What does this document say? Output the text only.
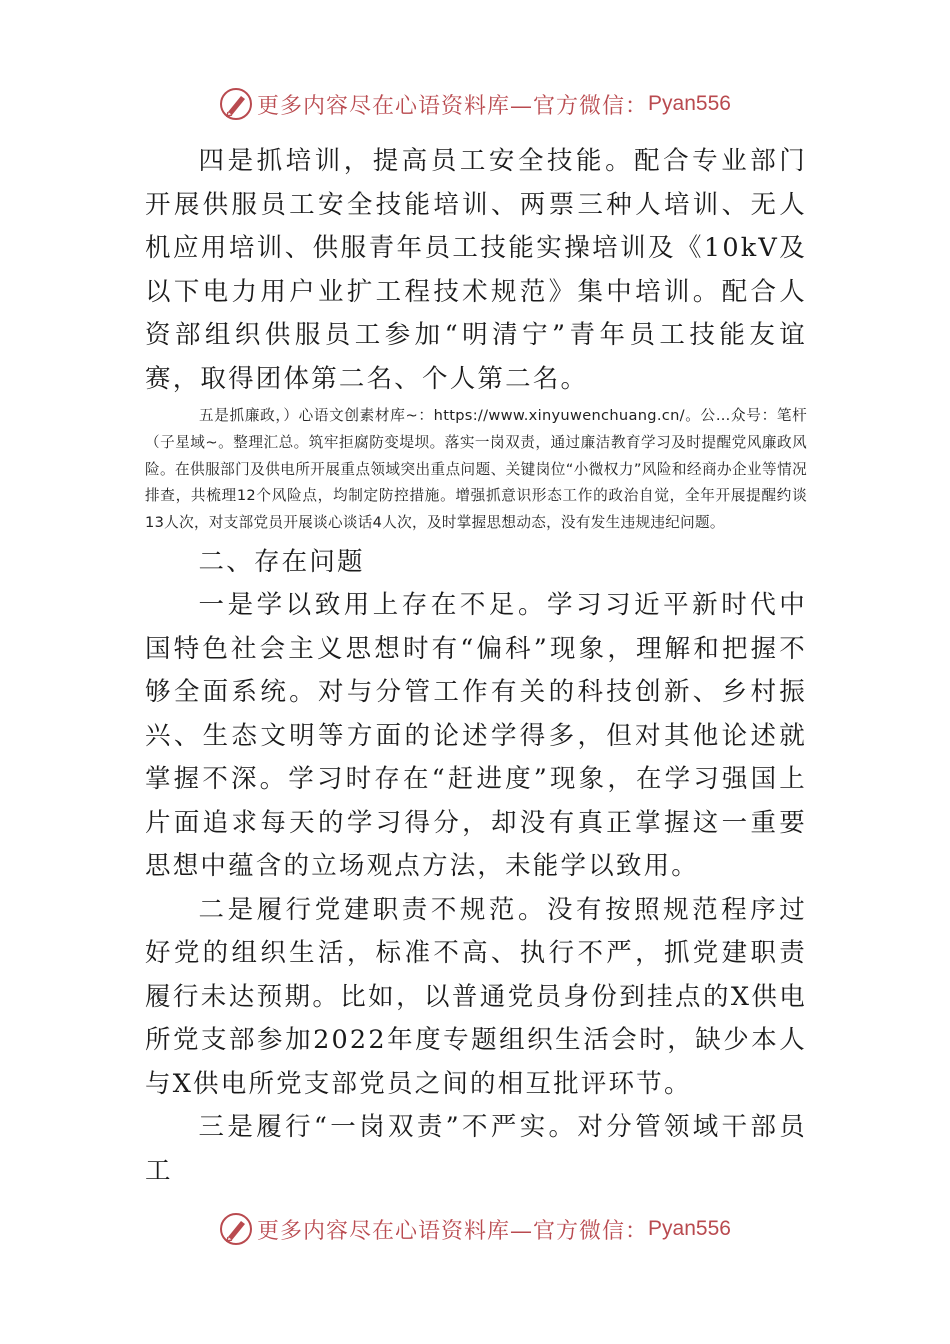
更多内容尽在心语资料库—官方微信： Pyan556

四是抓培训，提高员工安全技能。配合专业部门开展供服员工安全技能培训、两票三种人培训、无人机应用培训、供服青年员工技能实操培训及《10kV及以下电力用户业扩工程技术规范》集中培训。配合人资部组织供服员工参加“明清宁”青年员工技能友谊赛，取得团体第二名、个人第二名。

五是抓廉政，）心语文创素材库~：https://www.xinyuwenchuang.cn/。公…众号：笔杆（子星域~。整理汇总。筑牢拒腐防变堤坝。落实一岗双责，通过廉洁教育学习及时提醒党风廉政风险。在供服部门及供电所开展重点领域突出重点问题、关键岗位“小微权力”风险和经商办企业等情况排查，共梳理12个风险点，均制定防控措施。增强抓意识形态工作的政治自觉，全年开展提醒约谈13人次，对支部党员开展谈心谈话4人次，及时掌握思想动态，没有发生违规违纪问题。

二、存在问题

一是学以致用上存在不足。学习习近平新时代中国特色社会主义思想时有“偏科”现象，理解和把握不够全面系统。对与分管工作有关的科技创新、乡村振兴、生态文明等方面的论述学得多，但对其他论述就掌握不深。学习时存在“赶进度”现象，在学习强国上片面追求每天的学习得分，却没有真正掌握这一重要思想中蕴含的立场观点方法，未能学以致用。

二是履行党建职责不规范。没有按照规范程序过好党的组织生活，标准不高、执行不严，抓党建职责履行未达预期。比如，以普通党员身份到挂点的X供电所党支部参加2022年度专题组织生活会时，缺少本人与X供电所党支部党员之间的相互批评环节。

三是履行“一岗双责”不严实。对分管领域干部员工

更多内容尽在心语资料库—官方微信： Pyan556
